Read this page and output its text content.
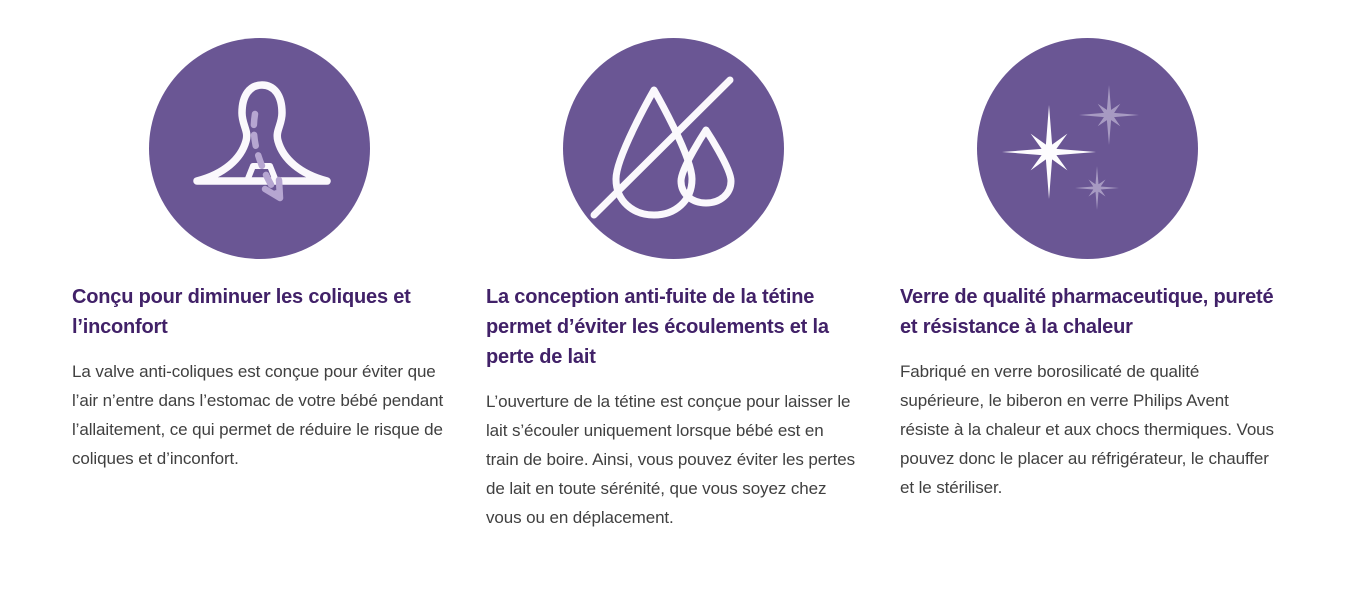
Conçu pour diminuer les coliques et l’inconfort

La valve anti-coliques est conçue pour éviter que l’air n’entre dans l’estomac de votre bébé pendant l’allaitement, ce qui permet de réduire le risque de coliques et d’inconfort.

La conception anti-fuite de la tétine permet d’éviter les écoulements et la perte de lait

L’ouverture de la tétine est conçue pour laisser le lait s’écouler uniquement lorsque bébé est en train de boire. Ainsi, vous pouvez éviter les pertes de lait en toute sérénité, que vous soyez chez vous ou en déplacement.

Verre de qualité pharmaceutique, pureté et résistance à la chaleur

Fabriqué en verre borosilicaté de qualité supérieure, le biberon en verre Philips Avent résiste à la chaleur et aux chocs thermiques. Vous pouvez donc le placer au réfrigérateur, le chauffer et le stériliser.
